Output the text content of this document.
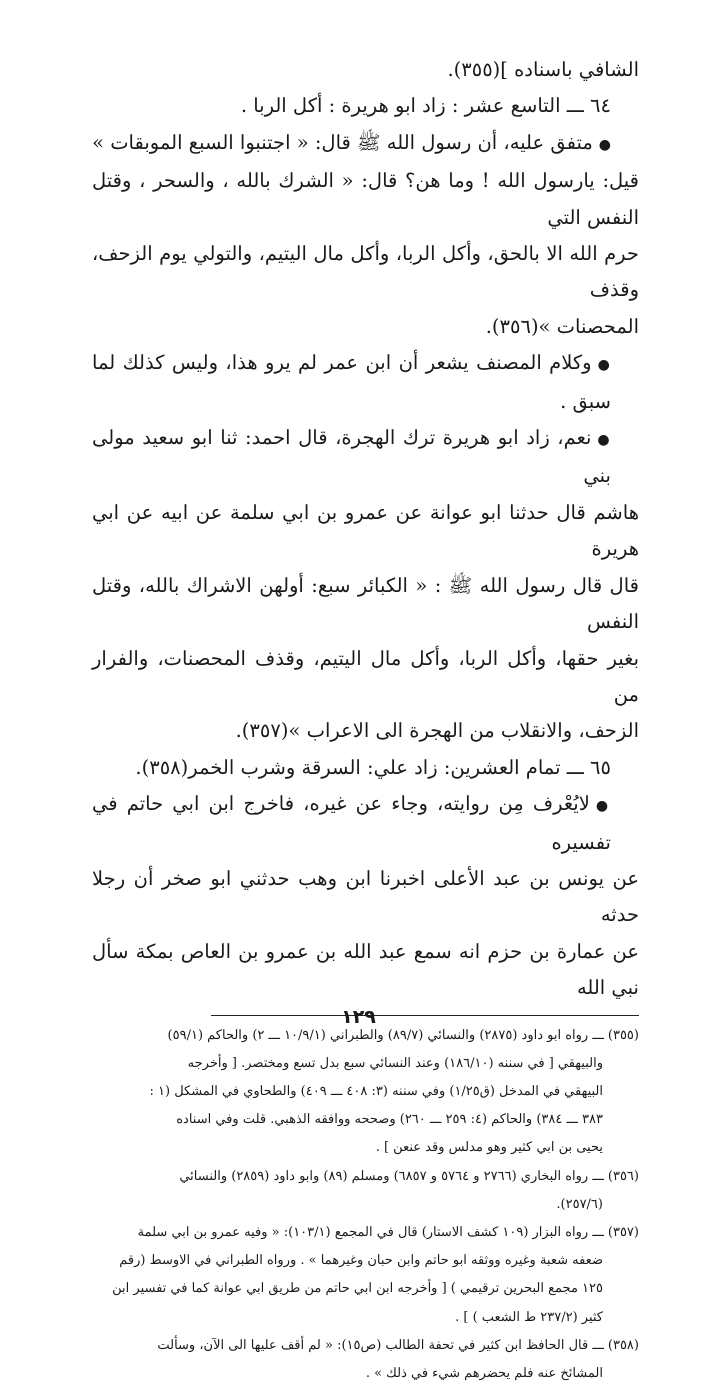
الشافي باسناده ](٣٥٥).

٦٤ ـــ التاسع عشر : زاد ابو هريرة : أكل الربا .

●متفق عليه، أن رسول الله ﷺ قال: « اجتنبوا السبع الموبقات »

قيل: يارسول الله ! وما هن؟ قال: « الشرك بالله ، والسحر ، وقتل النفس التي

حرم الله الا بالحق، وأكل الربا، وأكل مال اليتيم، والتولي يوم الزحف، وقذف

المحصنات »(٣٥٦).

●وكلام المصنف يشعر أن ابن عمر لم يرو هذا، وليس كذلك لما سبق .

●نعم، زاد ابو هريرة ترك الهجرة، قال احمد: ثنا ابو سعيد مولى بني

هاشم قال حدثنا ابو عوانة عن عمرو بن ابي سلمة عن ابيه عن ابي هريرة

قال قال رسول الله ﷺ : « الكبائر سبع: أولهن الاشراك بالله، وقتل النفس

بغير حقها، وأكل الربا، وأكل مال اليتيم، وقذف المحصنات، والفرار من

الزحف، والانقلاب من الهجرة الى الاعراب »(٣٥٧).

٦٥ ـــ تمام العشرين: زاد علي: السرقة وشرب الخمر(٣٥٨).

●لايُعْرف مِن روايته، وجاء عن غيره، فاخرج ابن ابي حاتم في تفسيره

عن يونس بن عبد الأعلى اخبرنا ابن وهب حدثني ابو صخر أن رجلا حدثه

عن عمارة بن حزم انه سمع عبد الله بن عمرو بن العاص بمكة سأل نبي الله

(٣٥٥) ـــ رواه ابو داود (٢٨٧٥) والنسائي (٨٩/٧) والطبراني (١٠/٩/١ ـــ ٢) والحاكم (٥٩/١)

والبيهقي [ في سننه (١٨٦/١٠) وعند النسائي سبع بدل تسع ومختصر. [ وأخرجه

البيهقي في المدخل (ق١/٢٥) وفي سننه (٣: ٤٠٨ ـــ ٤٠٩) والطحاوي في المشكل (١ :

٣٨٣ ـــ ٣٨٤) والحاكم (٤: ٢٥٩ ـــ ٢٦٠) وصححه ووافقه الذهبي. قلت وفي اسناده

يحيى بن ابي كثير وهو مدلس وقد عنعن ] .

(٣٥٦) ـــ رواه البخاري (٢٧٦٦ و ٥٧٦٤ و ٦٨٥٧) ومسلم (٨٩) وابو داود (٢٨٥٩) والنسائي

(٢٥٧/٦).

(٣٥٧) ـــ رواه البزار (١٠٩ كشف الاستار) قال في المجمع (١٠٣/١): « وفيه عمرو بن ابي سلمة

ضعفه شعبة وغيره ووثقه ابو حاتم وابن حبان وغيرهما » . ورواه الطبراني في الاوسط (رقم

١٢٥ مجمع البحرين ترقيمي ) [ وأخرجه ابن ابي حاتم من طريق ابي عوانة كما في تفسير ابن

كثير (٢٣٧/٢ ط الشعب ) ] .

(٣٥٨) ـــ قال الحافظ ابن كثير في تحفة الطالب (ص١٥): « لم أقف عليها الى الآن، وسألت

المشائخ عنه فلم يحضرهم شيء في ذلك » .

١٢٩
